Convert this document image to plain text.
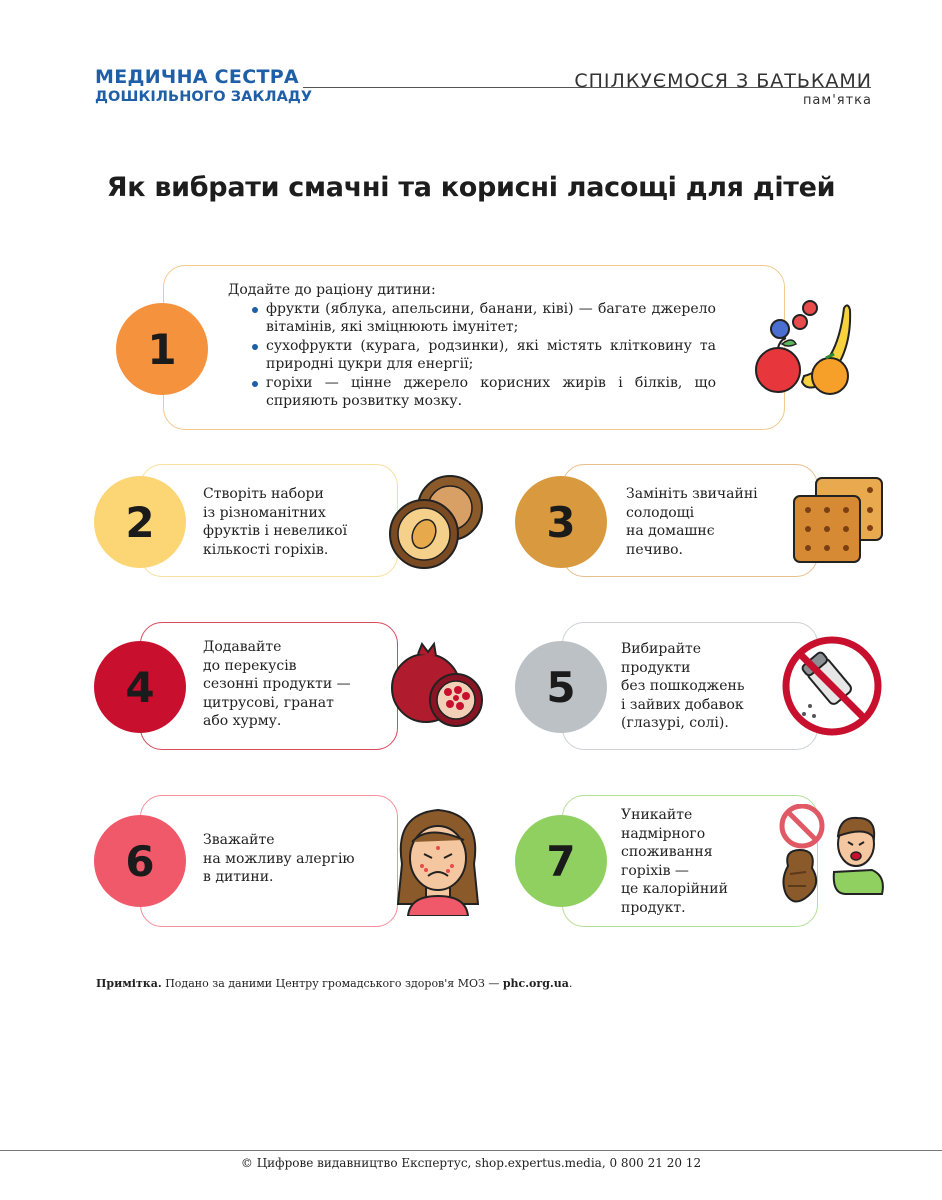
МЕДИЧНА СЕСТРА
ДОШКІЛЬНОГО ЗАКЛАДУ
СПІЛКУЄМОСЯ З БАТЬКАМИ
пам'ятка
Як вибрати смачні та корисні ласощі для дітей
1
Додайте до раціону дитини:
фрукти (яблука, апельсини, банани, ківі) — багате джерело вітамінів, які зміцнюють імунітет;
сухофрукти (курага, родзинки), які містять клітковину та природні цукри для енергії;
горіхи — цінне джерело корисних жирів і білків, що сприяють розвитку мозку.
2
Створіть набори
із різноманітних
фруктів і невеликої
кількості горіхів.
3
Замініть звичайні
солодощі
на домашнє
печиво.
4
Додавайте
до перекусів
сезонні продукти —
цитрусові, гранат
або хурму.
5
Вибирайте
продукти
без пошкоджень
і зайвих добавок
(глазурі, солі).
6	Зважайте
на можливу алергію
в дитини.	7
Уникайте
надмірного
споживання
горіхів —
це калорійний
продукт.
Примітка. Подано за даними Центру громадського здоров'я МОЗ — phc.org.ua.
© Цифрове видавництво Експертус, shop.expertus.media, 0 800 21 20 12
